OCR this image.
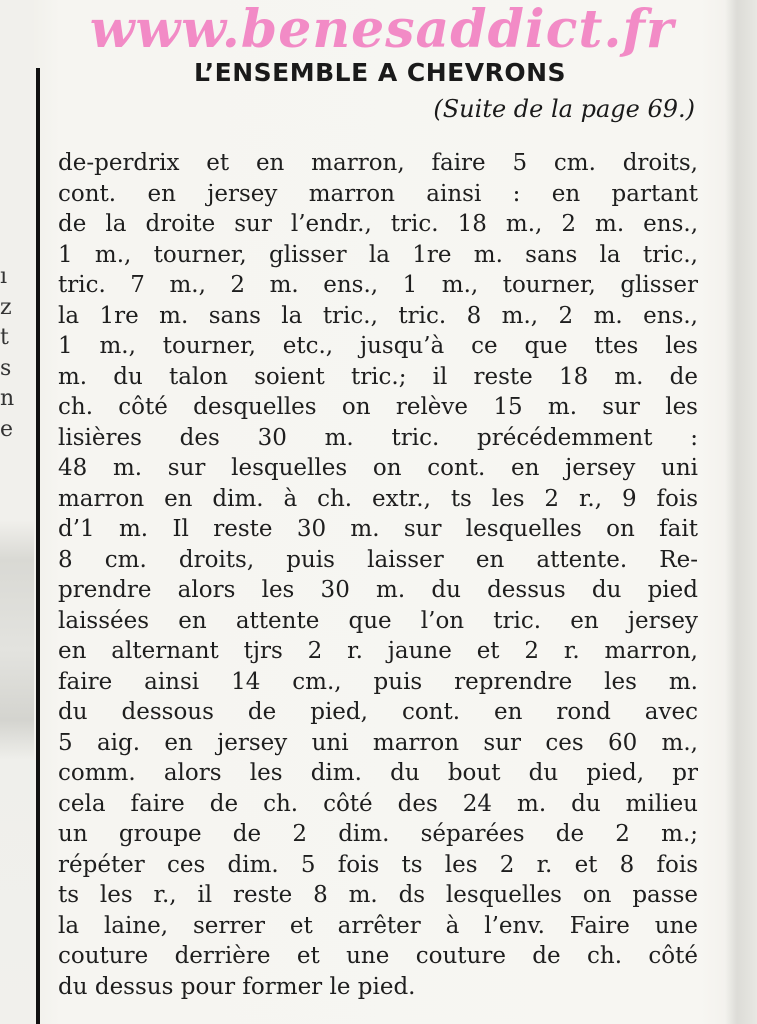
ı
z
t
s
n
e
www.benesaddict.fr
L’ENSEMBLE A CHEVRONS
(Suite de la page 69.)
de-perdrix et en marron, faire 5 cm. droits,
cont. en jersey marron ainsi : en partant
de la droite sur l’endr., tric. 18 m., 2 m. ens.,
1 m., tourner, glisser la 1re m. sans la tric.,
tric. 7 m., 2 m. ens., 1 m., tourner, glisser
la 1re m. sans la tric., tric. 8 m., 2 m. ens.,
1 m., tourner, etc., jusqu’à ce que ttes les
m. du talon soient tric.; il reste 18 m. de
ch. côté desquelles on relève 15 m. sur les
lisières des 30 m. tric. précédemment :
48 m. sur lesquelles on cont. en jersey uni
marron en dim. à ch. extr., ts les 2 r., 9 fois
d’1 m. Il reste 30 m. sur lesquelles on fait
8 cm. droits, puis laisser en attente. Re-
prendre alors les 30 m. du dessus du pied
laissées en attente que l’on tric. en jersey
en alternant tjrs 2 r. jaune et 2 r. marron,
faire ainsi 14 cm., puis reprendre les m.
du dessous de pied, cont. en rond avec
5 aig. en jersey uni marron sur ces 60 m.,
comm. alors les dim. du bout du pied, pr
cela faire de ch. côté des 24 m. du milieu
un groupe de 2 dim. séparées de 2 m.;
répéter ces dim. 5 fois ts les 2 r. et 8 fois
ts les r., il reste 8 m. ds lesquelles on passe
la laine, serrer et arrêter à l’env. Faire une
couture derrière et une couture de ch. côté
du dessus pour former le pied.
